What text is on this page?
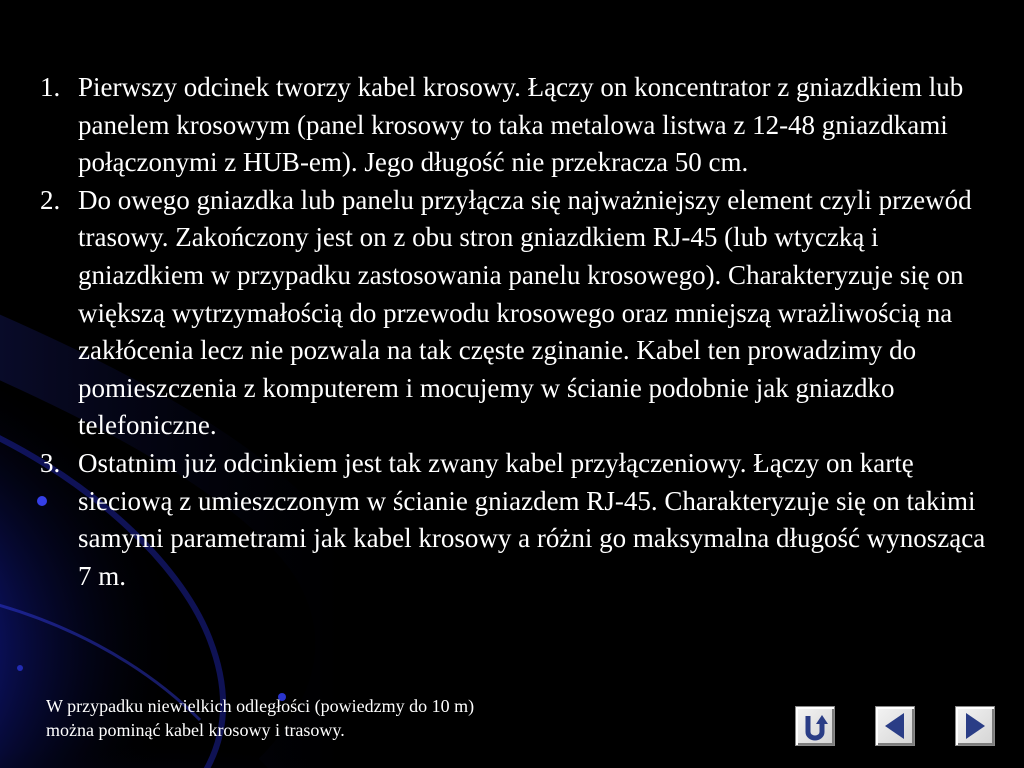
1. Pierwszy odcinek tworzy kabel krosowy. Łączy on koncentrator z gniazdkiem lub panelem krosowym (panel krosowy to taka metalowa listwa z 12-48 gniazdkami połączonymi z HUB-em). Jego długość nie przekracza 50 cm.
2. Do owego gniazdka lub panelu przyłącza się najważniejszy element czyli przewód trasowy. Zakończony jest on z obu stron gniazdkiem RJ-45 (lub wtyczką i gniazdkiem w przypadku zastosowania panelu krosowego). Charakteryzuje się on większą wytrzymałością do przewodu krosowego oraz mniejszą wrażliwością na zakłócenia lecz nie pozwala na tak częste zginanie. Kabel ten prowadzimy do pomieszczenia z komputerem i mocujemy w ścianie podobnie jak gniazdko telefoniczne.
3. Ostatnim już odcinkiem jest tak zwany kabel przyłączeniowy. Łączy on kartę sieciową z umieszczonym w ścianie gniazdem RJ-45. Charakteryzuje się on takimi samymi parametrami jak kabel krosowy a różni go maksymalna długość wynosząca 7 m.
W przypadku niewielkich odległości (powiedzmy do 10 m)
można pominąć kabel krosowy i trasowy.
